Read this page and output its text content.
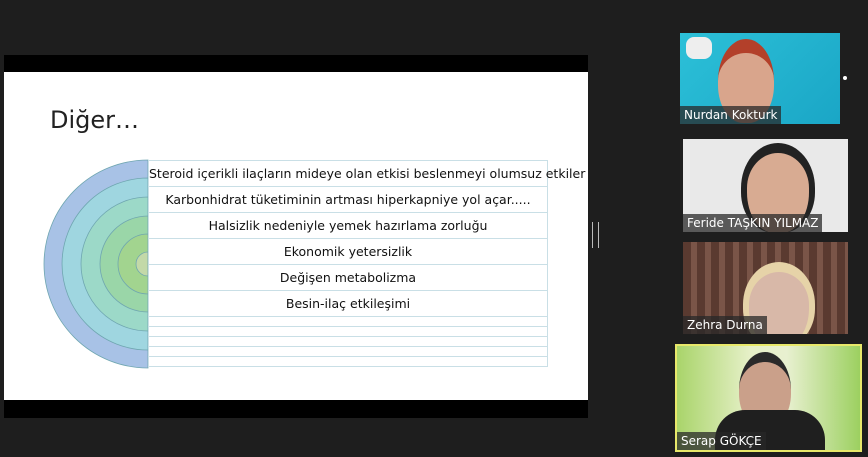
Diğer…
Steroid içerikli ilaçların mideye olan etkisi beslenmeyi olumsuz etkiler
Karbonhidrat tüketiminin artması hiperkapniye yol açar.....
Halsizlik nedeniyle yemek hazırlama zorluğu
Ekonomik yetersizlik
Değişen metabolizma
Besin-ilaç etkileşimi
Nurdan Kokturk
Feride TAŞKIN YILMAZ
Zehra Durna
Serap GÖKÇE
